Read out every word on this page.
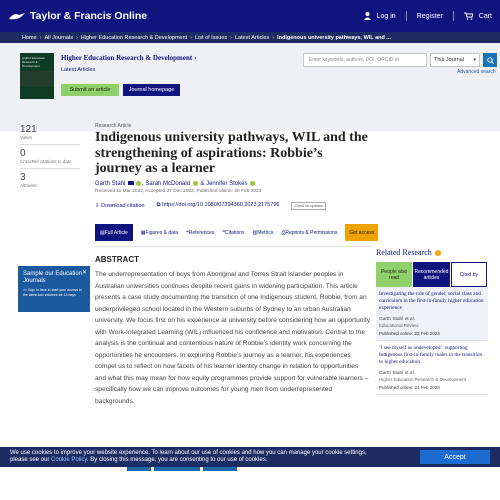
Taylor & Francis Online	Log in	Register	Cart
Home › All Journals › Higher Education Research & Development › List of Issues › Latest Articles › Indigenous university pathways, WIL and ...
Higher Education Research & Development
Higher Education Research & Development ›
Latest Articles
Submit an article	Journal homepage
Enter keywords, authors, DOI, ORCID et	This Journal ▾
Advanced search
121
Views
0
CrossRef citations to date
3
Altmetric
Research Article
Indigenous university pathways, WIL and the strengthening of aspirations: Robbie’s journey as a learner
Garth Stahl	, Sarah McDonald & Jennifer Stokes
Received 11 Mar 2022, Accepted 27 Dec 2022, Published online: 20 Feb 2023
⇩ Download citation ⧉ https://doi.org/10.1080/07294360.2023.2175796	Check for updates
▤ Full Article	▦ Figures & data ❝ References ❞ Citations ▥ Metrics ⎙ Reprints & Permissions	Get access
✕
Sample our Education Journals
>> Sign in here to start your access to the latest two volumes for 14 days
ABSTRACT

The underrepresentation of boys from Aboriginal and Torres Strait Islander peoples in Australian universities continues despite recent gains in widening participation. This article presents a case study documenting the transition of one Indigenous student, Robbie, from an underprivileged school located in the Western suburbs of Sydney to an urban Australian university. We focus first on his experience at university before considering how an opportunity with Work-Integrated Learning (WIL) influenced his confidence and motivation. Central to the analysis is the continual and contentious nature of Robbie’s identity work concerning the opportunities he encounters. In exploring Robbie’s journey as a learner, his experiences compel us to reflect on how facets of his learner identity change in relation to opportunities and what this may mean for how equity programmes provide support for vulnerable learners – specifically how we can improve outcomes for young men from underrepresented backgrounds.

Related Research	?
People also read
Recommended articles	Cited by
Investigating the role of gender, social class and curriculum in the first-in-family higher education experience
Garth Stahl et al.
Educational Review
Published online: 23 Feb 2023
‘I see myself as undeveloped’: supporting Indigenous first-in-family males in the transition to higher education
Garth Stahl et al.
Higher Education Research & Development
Published online: 24 Feb 2020
We use cookies to improve your website experience. To learn about our use of cookies and how you can manage your cookie settings,
please see our Cookie Policy. By closing this message, you are consenting to our use of cookies.	Accept
